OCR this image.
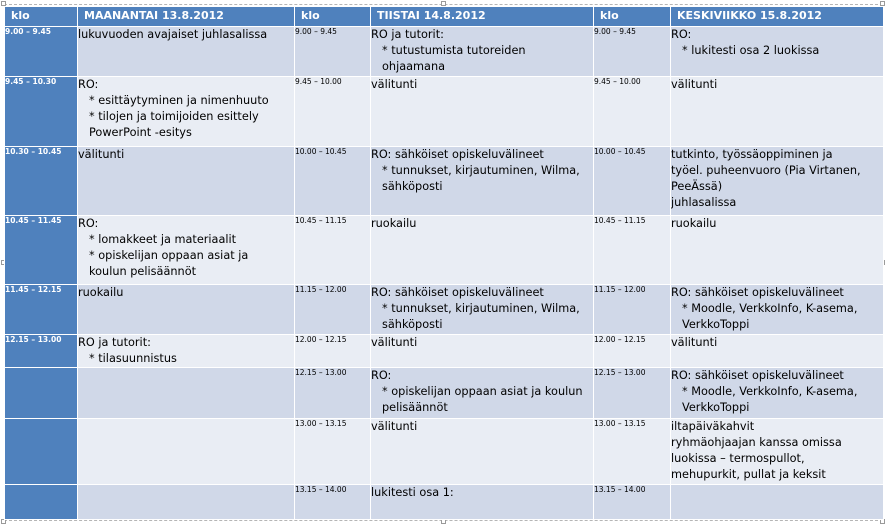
klo	MAANANTAI 13.8.2012	klo	TIISTAI 14.8.2012	klo	KESKIVIIKKO 15.8.2012
9.00 – 9.45	lukuvuoden avajaiset juhlasalissa	9.00 – 9.45	RO ja tutorit:
* tutustumista tutoreiden
ohjaamana	9.00 – 9.45	RO:
* lukitesti osa 2 luokissa

9.45 – 10.30	RO:
* esittäytyminen ja nimenhuuto
* tilojen ja toimijoiden esittely
PowerPoint -esitys	9.45 – 10.00	välitunti	9.45 – 10.00	välitunti

10.30 – 10.45	välitunti	10.00 – 10.45	RO: sähköiset opiskeluvälineet
* tunnukset, kirjautuminen, Wilma,
sähköposti	10.00 – 10.45	tutkinto, työssäoppiminen ja
työel. puheenvuoro (Pia Virtanen,
PeeÄssä)
juhlasalissa

10.45 – 11.45	RO:
* lomakkeet ja materiaalit
* opiskelijan oppaan asiat ja
koulun pelisäännöt	10.45 – 11.15	ruokailu	10.45 – 11.15	ruokailu

11.45 – 12.15	ruokailu	11.15 – 12.00	RO: sähköiset opiskeluvälineet
* tunnukset, kirjautuminen, Wilma,
sähköposti	11.15 – 12.00	RO: sähköiset opiskeluvälineet
* Moodle, VerkkoInfo, K-asema,
VerkkoToppi

12.15 – 13.00	RO ja tutorit:
* tilasuunnistus	12.00 – 12.15	välitunti	12.00 – 12.15	välitunti

		12.15 – 13.00	RO:
* opiskelijan oppaan asiat ja koulun
pelisäännöt	12.15 – 13.00	RO: sähköiset opiskeluvälineet
* Moodle, VerkkoInfo, K-asema,
VerkkoToppi

		13.00 – 13.15	välitunti	13.00 – 13.15	iltapäiväkahvit
ryhmäohjaajan kanssa omissa
luokissa – termospullot,
mehupurkit, pullat ja keksit

		13.15 – 14.00	lukitesti osa 1:	13.15 – 14.00	
